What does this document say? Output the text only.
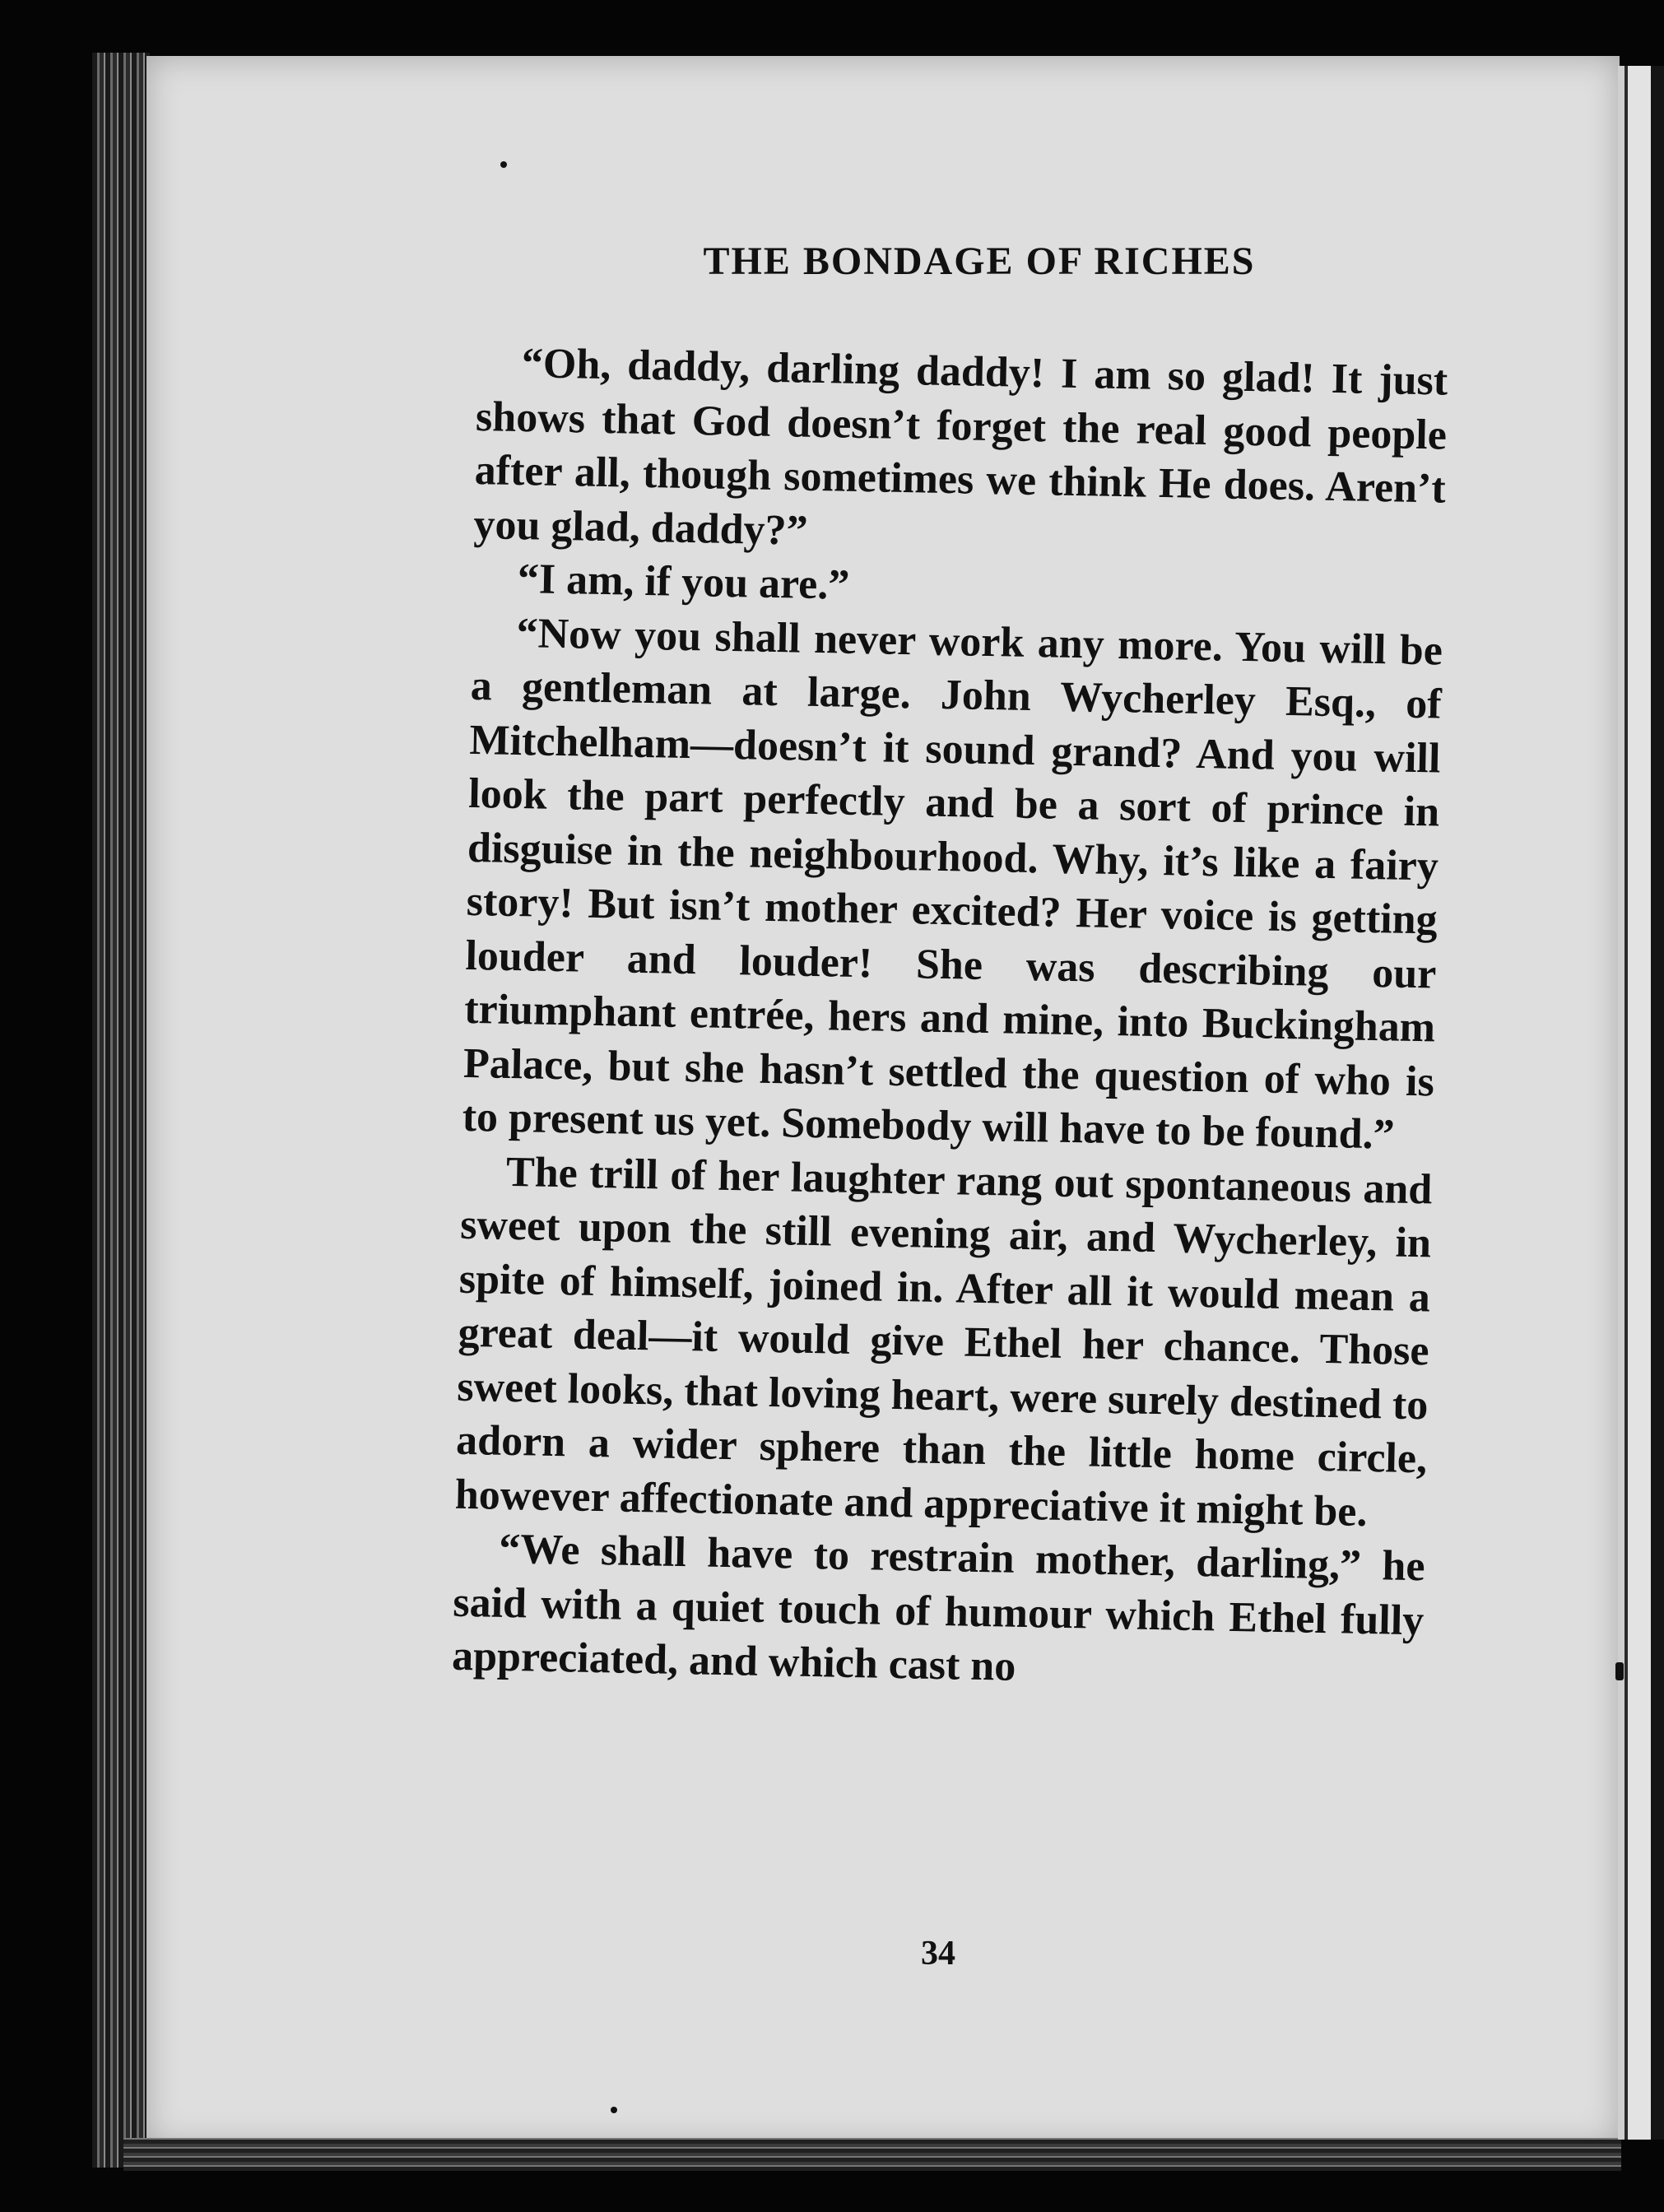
THE BONDAGE OF RICHES

“Oh, daddy, darling daddy! I am so glad! It just shows that God doesn’t forget the real good people after all, though sometimes we think He does. Aren’t you glad, daddy?”

“I am, if you are.”

“Now you shall never work any more. You will be a gentleman at large. John Wycherley Esq., of Mitchelham—doesn’t it sound grand? And you will look the part perfectly and be a sort of prince in disguise in the neighbourhood. Why, it’s like a fairy story! But isn’t mother excited? Her voice is getting louder and louder! She was describing our triumphant entrée, hers and mine, into Buckingham Palace, but she hasn’t settled the question of who is to present us yet. Somebody will have to be found.”

The trill of her laughter rang out spontaneous and sweet upon the still evening air, and Wycherley, in spite of himself, joined in. After all it would mean a great deal—it would give Ethel her chance. Those sweet looks, that loving heart, were surely destined to adorn a wider sphere than the little home circle, however affectionate and appreciative it might be.

“We shall have to restrain mother, darling,” he said with a quiet touch of humour which Ethel fully appreciated, and which cast no

34
